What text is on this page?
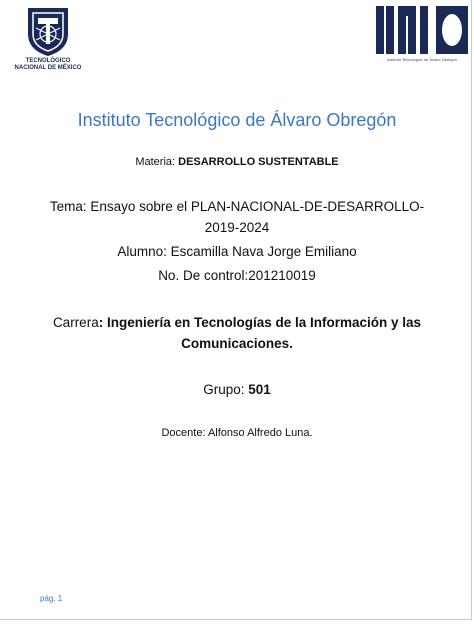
TECNOLÓGICO
NACIONAL DE MÉXICO
Instituto Tecnológico de Álvaro Obregón
Instituto Tecnológico de Álvaro Obregón
Materia: DESARROLLO SUSTENTABLE
Tema: Ensayo sobre el PLAN-NACIONAL-DE-DESARROLLO-
2019-2024
Alumno: Escamilla Nava Jorge Emiliano
No. De control:201210019
Carrera: Ingeniería en Tecnologías de la Información y las
Comunicaciones.
Grupo: 501
Docente: Alfonso Alfredo Luna.
pág. 1
